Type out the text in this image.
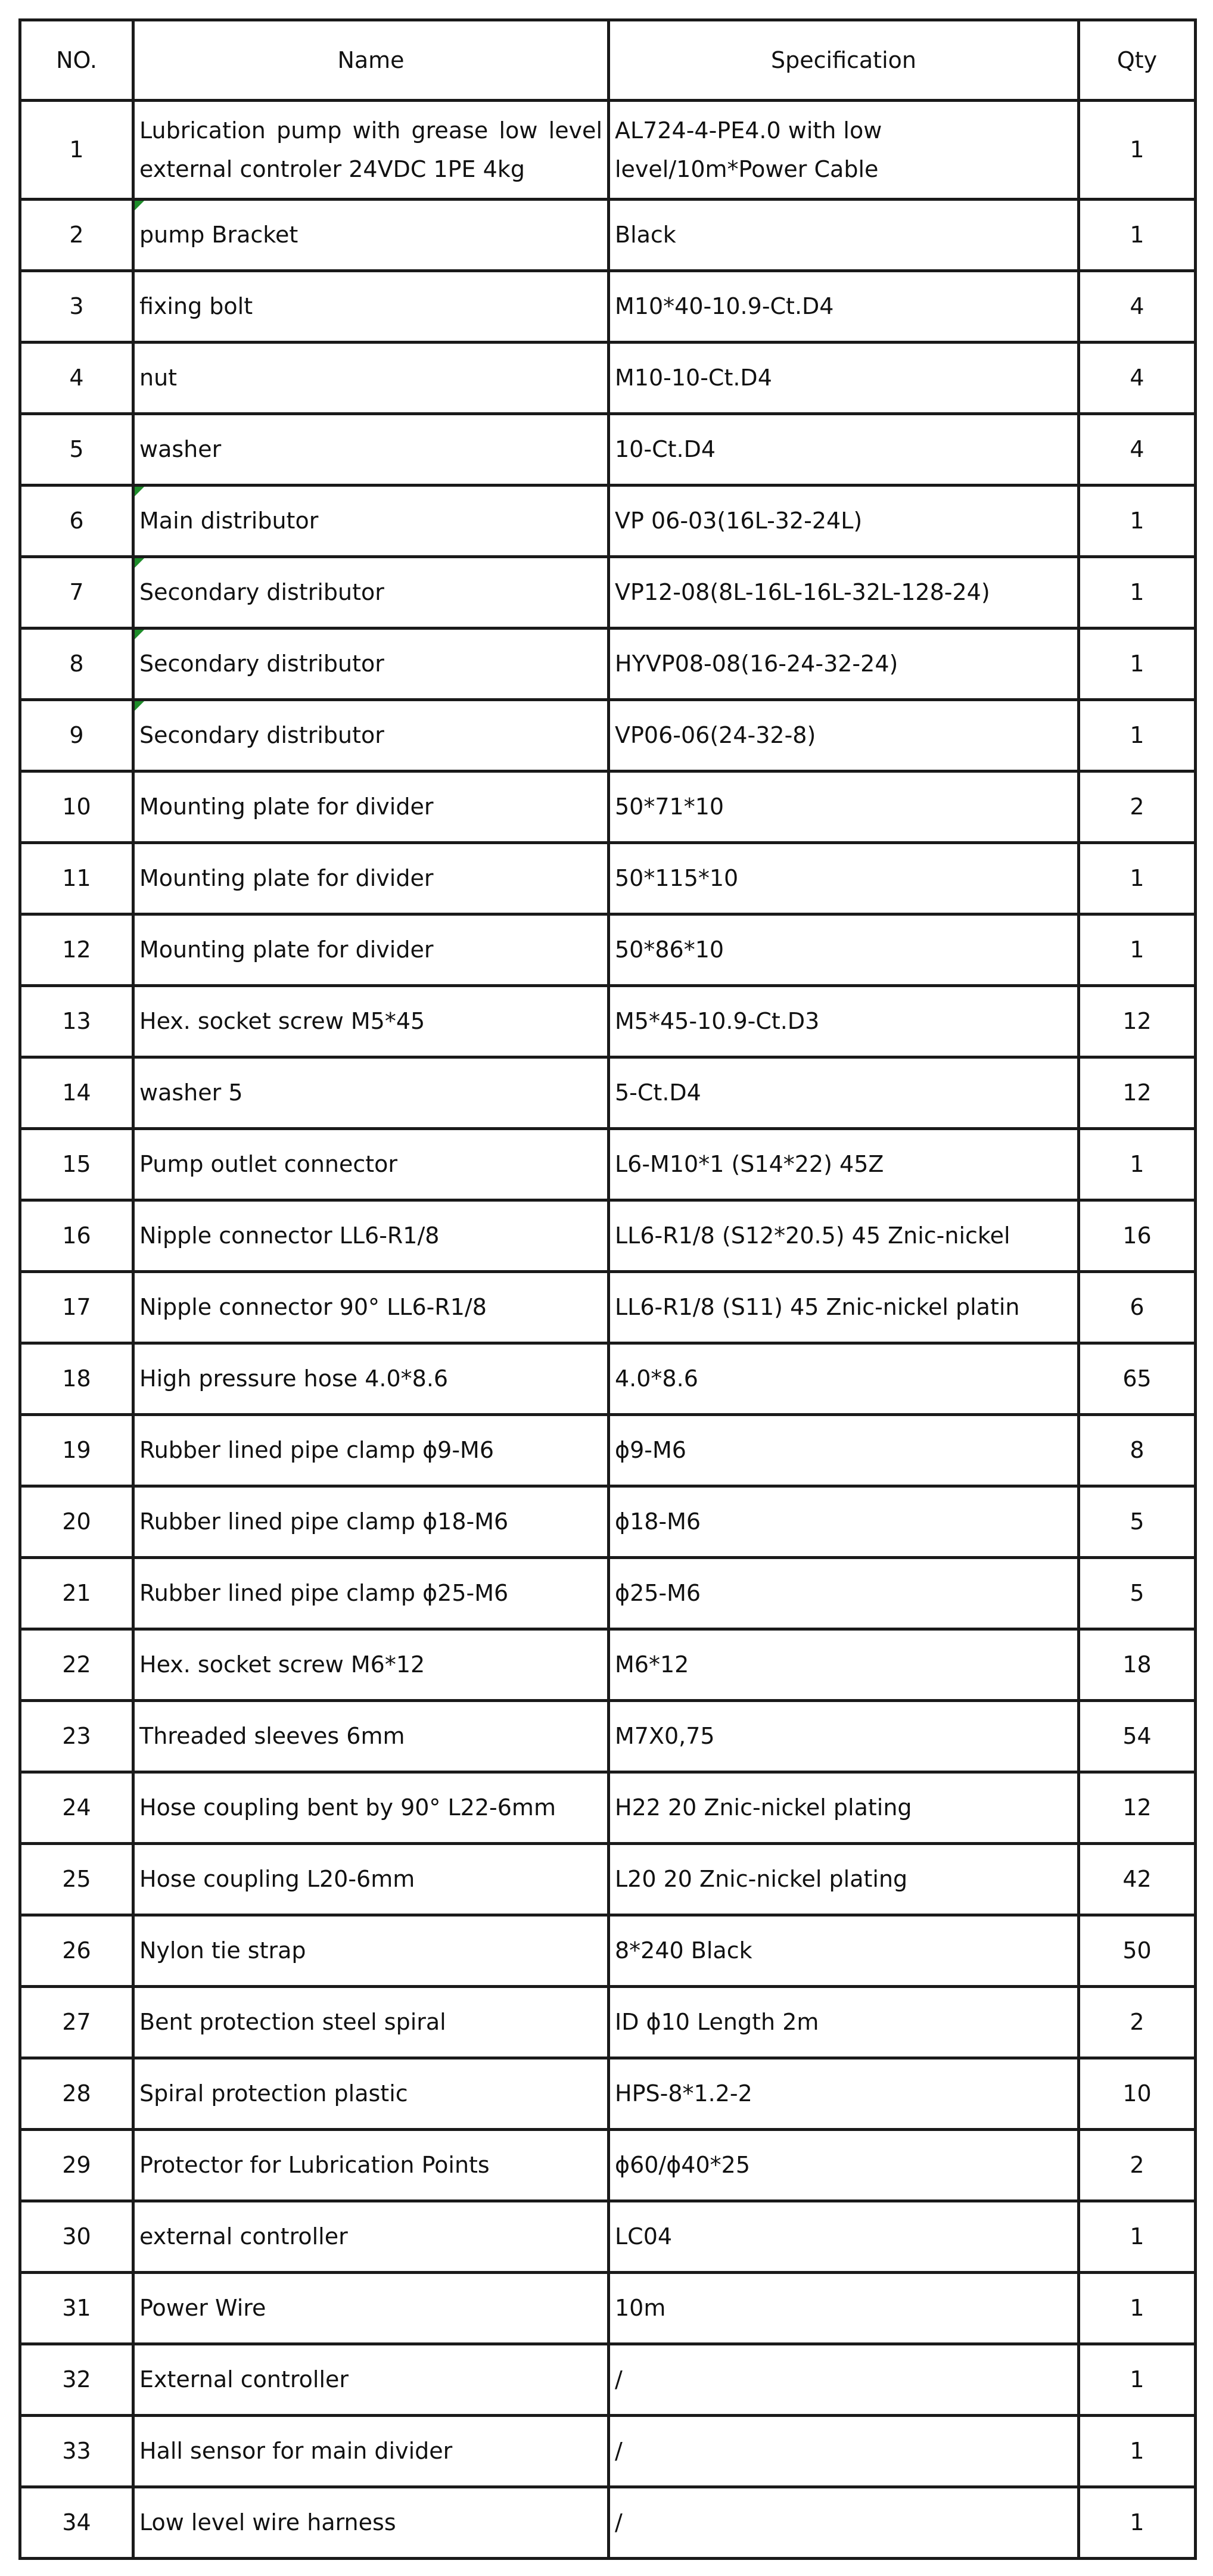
NO.	Name	Specification	Qty
1	Lubrication pump with grease low level external controler 24VDC 1PE 4kg	AL724-4-PE4.0 with low level/10m*Power Cable	1
2	pump Bracket	Black	1
3	fixing bolt	M10*40-10.9-Ct.D4	4
4	nut	M10-10-Ct.D4	4
5	washer	10-Ct.D4	4
6	Main distributor	VP 06-03(16L-32-24L)	1
7	Secondary distributor	VP12-08(8L-16L-16L-32L-128-24)	1
8	Secondary distributor	HYVP08-08(16-24-32-24)	1
9	Secondary distributor	VP06-06(24-32-8)	1
10	Mounting plate for divider	50*71*10	2
11	Mounting plate for divider	50*115*10	1
12	Mounting plate for divider	50*86*10	1
13	Hex. socket screw M5*45	M5*45-10.9-Ct.D3	12
14	washer 5	5-Ct.D4	12
15	Pump outlet connector	L6-M10*1 (S14*22) 45Z	1
16	Nipple connector LL6-R1/8	LL6-R1/8 (S12*20.5) 45 Znic-nickel	16
17	Nipple connector 90° LL6-R1/8	LL6-R1/8 (S11) 45 Znic-nickel platin	6
18	High pressure hose 4.0*8.6	4.0*8.6	65
19	Rubber lined pipe clamp ϕ9-M6	ϕ9-M6	8
20	Rubber lined pipe clamp ϕ18-M6	ϕ18-M6	5
21	Rubber lined pipe clamp ϕ25-M6	ϕ25-M6	5
22	Hex. socket screw M6*12	M6*12	18
23	Threaded sleeves 6mm	M7X0,75	54
24	Hose coupling bent by 90° L22-6mm	H22 20 Znic-nickel plating	12
25	Hose coupling L20-6mm	L20 20 Znic-nickel plating	42
26	Nylon tie strap	8*240 Black	50
27	Bent protection steel spiral	ID ϕ10 Length 2m	2
28	Spiral protection plastic	HPS-8*1.2-2	10
29	Protector for Lubrication Points	ϕ60/ϕ40*25	2
30	external controller	LC04	1
31	Power Wire	10m	1
32	External controller	/	1
33	Hall sensor for main divider	/	1
34	Low level wire harness	/	1
